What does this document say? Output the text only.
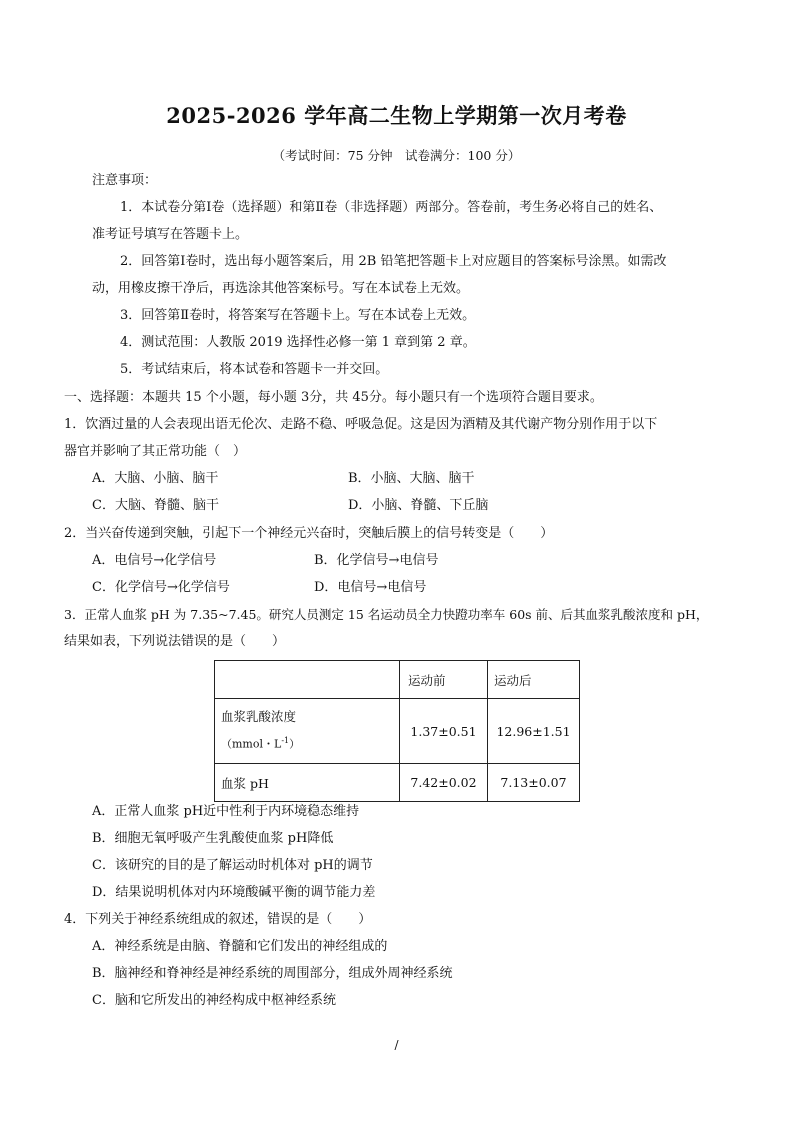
2025-2026 学年高二生物上学期第一次月考卷
（考试时间：75 分钟　试卷满分：100 分）
注意事项：
1．本试卷分第Ⅰ卷（选择题）和第Ⅱ卷（非选择题）两部分。答卷前，考生务必将自己的姓名、
准考证号填写在答题卡上。
2．回答第Ⅰ卷时，选出每小题答案后，用 2B 铅笔把答题卡上对应题目的答案标号涂黑。如需改
动，用橡皮擦干净后，再选涂其他答案标号。写在本试卷上无效。
3．回答第Ⅱ卷时，将答案写在答题卡上。写在本试卷上无效。
4．测试范围：人教版 2019 选择性必修一第 1 章到第 2 章。
5．考试结束后，将本试卷和答题卡一并交回。
一、选择题：本题共 15 个小题，每小题 3分，共 45分。每小题只有一个选项符合题目要求。
1．饮酒过量的人会表现出语无伦次、走路不稳、呼吸急促。这是因为酒精及其代谢产物分别作用于以下
器官并影响了其正常功能（　）
A．大脑、小脑、脑干	B．小脑、大脑、脑干
C．大脑、脊髓、脑干	D．小脑、脊髓、下丘脑
2．当兴奋传递到突触，引起下一个神经元兴奋时，突触后膜上的信号转变是（　　）
A．电信号→化学信号	B．化学信号→电信号
C．化学信号→化学信号	D．电信号→电信号
3．正常人血浆 pH 为 7.35~7.45。研究人员测定 15 名运动员全力快蹬功率车 60s 前、后其血浆乳酸浓度和 pH，
结果如表，下列说法错误的是（　　）
	运动前	运动后

血浆乳酸浓度
（mmol・$L^{-1}$）	1.37±0.51	12.96±1.51
血浆 pH	7.42±0.02	7.13±0.07
A．正常人血浆 pH近中性利于内环境稳态维持
B．细胞无氧呼吸产生乳酸使血浆 pH降低
C．该研究的目的是了解运动时机体对 pH的调节
D．结果说明机体对内环境酸碱平衡的调节能力差
4．下列关于神经系统组成的叙述，错误的是（　　）
A．神经系统是由脑、脊髓和它们发出的神经组成的
B．脑神经和脊神经是神经系统的周围部分，组成外周神经系统
C．脑和它所发出的神经构成中枢神经系统
/
